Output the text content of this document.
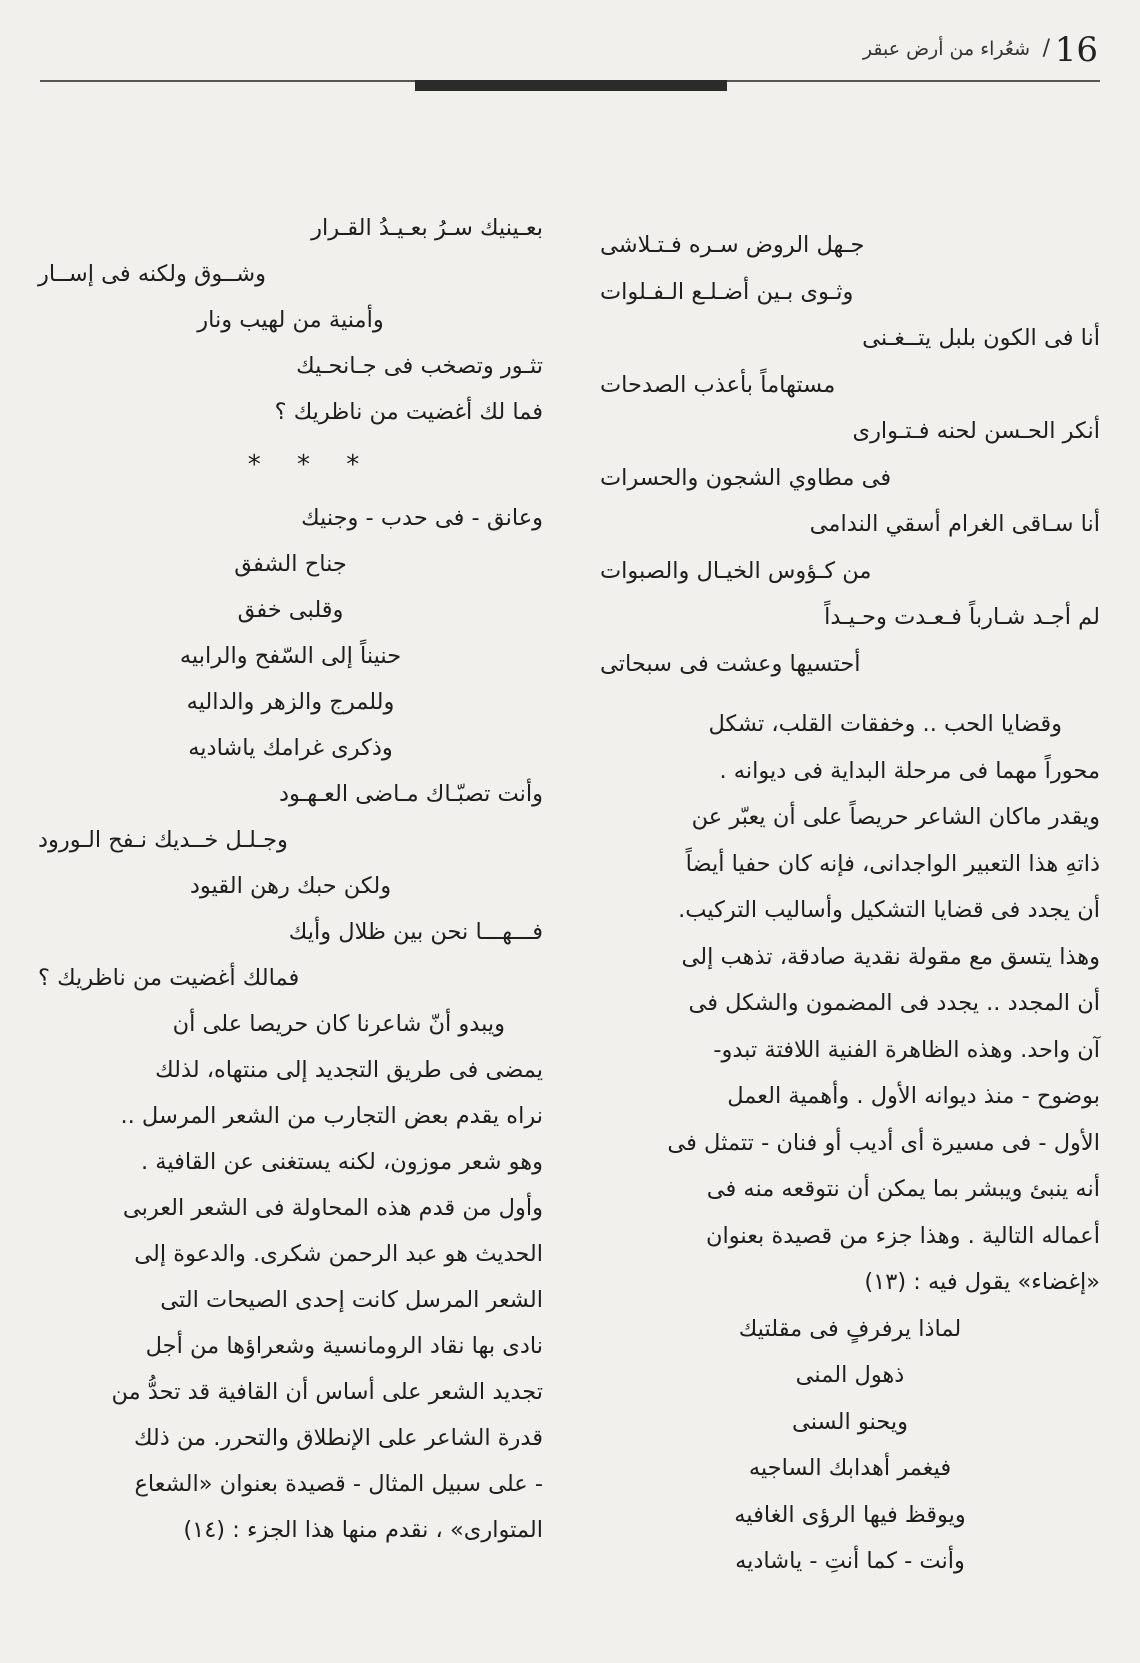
16
/
شعُراء من أرض عبقر
جـهل الروض سـره فـتـلاشى
وثـوى بـين أضـلـع الـفـلوات
أنا فى الكون بلبل يتــغـنى
مستهاماً بأعذب الصدحات
أنكر الحـسن لحنه فـتـوارى
فى مطاوي الشجون والحسرات
أنا سـاقى الغرام أسقي الندامى
من كـؤوس الخيـال والصبوات
لم أجـد شـارباً فـعـدت وحـيـداً
أحتسيها وعشت فى سبحاتى
وقضايا الحب .. وخفقات القلب، تشكل
محوراً مهما فى مرحلة البداية فى ديوانه .
ويقدر ماكان الشاعر حريصاً على أن يعبّر عن
ذاتهِ هذا التعبير الواجدانى، فإنه كان حفيا أيضاً
أن يجدد فى قضايا التشكيل وأساليب التركيب.
وهذا يتسق مع مقولة نقدية صادقة، تذهب إلى
أن المجدد .. يجدد فى المضمون والشكل فى
آن واحد. وهذه الظاهرة الفنية اللافتة تبدو-
بوضوح - منذ ديوانه الأول . وأهمية العمل
الأول - فى مسيرة أى أديب أو فنان - تتمثل فى
أنه ينبئ ويبشر بما يمكن أن نتوقعه منه فى
أعماله التالية . وهذا جزء من قصيدة بعنوان
«إغضاء» يقول فيه : (١٣)
لماذا يرفرفٍ فى مقلتيك
ذهول المنى
ويحنو السنى
فيغمر أهدابك الساجيه
ويوقظ فيها الرؤى الغافيه
وأنت - كما أنتِ - ياشاديه
بعـينيك سـرُ بعـيـدُ القـرار
وشــوق ولكنه فى إســار
وأمنية من لهيب ونار
تثـور وتصخب فى جـانحـيك
فما لك أغضيت من ناظريك ؟
* * *
وعانق - فى حدب - وجنيك
جناح الشفق
وقلبى خفق
حنيناً إلى السّفح والرابيه
وللمرج والزهر والداليه
وذكرى غرامك ياشاديه
وأنت تصبّـاك مـاضى العـهـود
وجـلـل خــديك نـفح الـورود
ولكن حبك رهن القيود
فـــهـــا نحن بين ظلال وأيك
فمالك أغضيت من ناظريك ؟
ويبدو أنّ شاعرنا كان حريصا على أن
يمضى فى طريق التجديد إلى منتهاه، لذلك
نراه يقدم بعض التجارب من الشعر المرسل ..
وهو شعر موزون، لكنه يستغنى عن القافية .
وأول من قدم هذه المحاولة فى الشعر العربى
الحديث هو عبد الرحمن شكرى. والدعوة إلى
الشعر المرسل كانت إحدى الصيحات التى
نادى بها نقاد الرومانسية وشعراؤها من أجل
تجديد الشعر على أساس أن القافية قد تحدُّ من
قدرة الشاعر على الإنطلاق والتحرر. من ذلك
- على سبيل المثال - قصيدة بعنوان «الشعاع
المتوارى» ، نقدم منها هذا الجزء : (١٤)
